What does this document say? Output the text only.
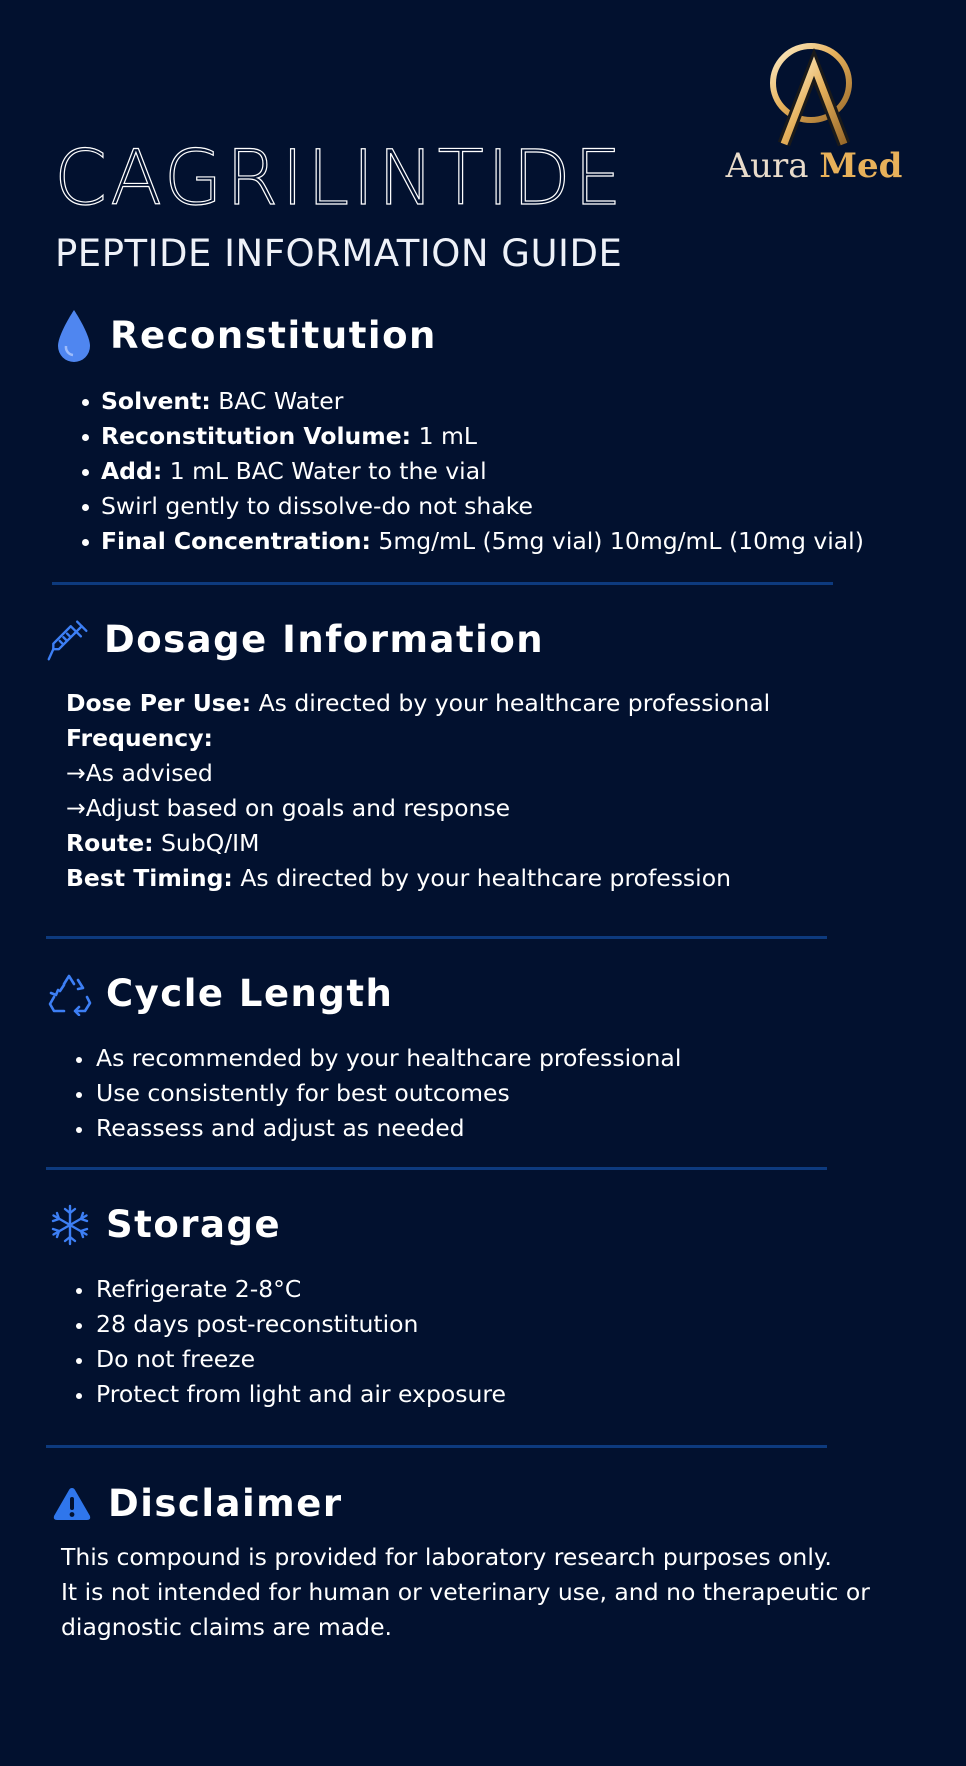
CAGRILINTIDE
PEPTIDE INFORMATION GUIDE
Aura Med
Reconstitution
Solvent: BAC Water
Reconstitution Volume: 1 mL
Add: 1 mL BAC Water to the vial
Swirl gently to dissolve-do not shake
Final Concentration: 5mg/mL (5mg vial) 10mg/mL (10mg vial)
Dosage Information
Dose Per Use: As directed by your healthcare professional
Frequency:
→As advised
→Adjust based on goals and response
Route: SubQ/IM
Best Timing: As directed by your healthcare profession
Cycle Length
As recommended by your healthcare professional
Use consistently for best outcomes
Reassess and adjust as needed
Storage
Refrigerate 2-8°C
28 days post-reconstitution
Do not freeze
Protect from light and air exposure
Disclaimer

This compound is provided for laboratory research purposes only.

It is not intended for human or veterinary use, and no therapeutic or

diagnostic claims are made.
